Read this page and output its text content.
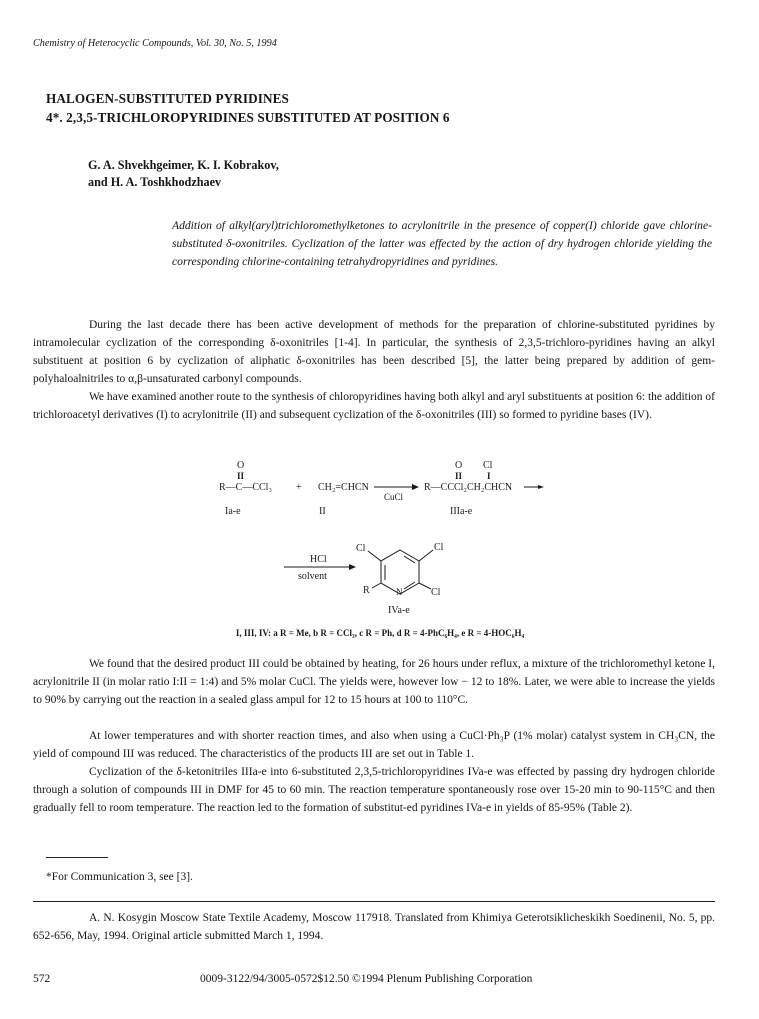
Chemistry of Heterocyclic Compounds, Vol. 30, No. 5, 1994
HALOGEN-SUBSTITUTED PYRIDINES
4*. 2,3,5-TRICHLOROPYRIDINES SUBSTITUTED AT POSITION 6
G. A. Shvekhgeimer, K. I. Kobrakov,
and H. A. Toshkhodzhaev
Addition of alkyl(aryl)trichloromethylketones to acrylonitrile in the presence of copper(I) chloride gave chlorine-substituted δ-oxonitriles. Cyclization of the latter was effected by the action of dry hydrogen chloride yielding the corresponding chlorine-containing tetrahydropyridines and pyridines.
During the last decade there has been active development of methods for the preparation of chlorine-substituted pyridines by intramolecular cyclization of the corresponding δ-oxonitriles [1-4]. In particular, the synthesis of 2,3,5-trichloro-pyridines having an alkyl substituent at position 6 by cyclization of aliphatic δ-oxonitriles has been described [5], the latter being prepared by addition of gem-polyhaloalnitriles to α,β-unsaturated carbonyl compounds.
We have examined another route to the synthesis of chloropyridines having both alkyl and aryl substituents at position 6: the addition of trichloroacetyl derivatives (I) to acrylonitrile (II) and subsequent cyclization of the δ-oxonitriles (III) so formed to pyridine bases (IV).
O
II
R—C—CCl₃ + CH₂=CHCN
CuCl
O Cl
II	I
R—CCCl₂CH₂CHCN
Ia-e	II	IIIa-e
HCl
solvent
Cl	Cl
Cl
R	N
IVa-e
I, III, IV: a R = Me, b R = CCl₃, c R = Ph, d R = 4-PhC₆H₄, e R = 4-HOC₆H₄
We found that the desired product III could be obtained by heating, for 26 hours under reflux, a mixture of the trichloromethyl ketone I, acrylonitrile II (in molar ratio I:II = 1:4) and 5% molar CuCl. The yields were, however low − 12 to 18%. Later, we were able to increase the yields to 90% by carrying out the reaction in a sealed glass ampul for 12 to 15 hours at 100 to 110°C.
At lower temperatures and with shorter reaction times, and also when using a CuCl·Ph₃P (1% molar) catalyst system in CH₃CN, the yield of compound III was reduced. The characteristics of the products III are set out in Table 1.
Cyclization of the δ-ketonitriles IIIa-e into 6-substituted 2,3,5-trichloropyridines IVa-e was effected by passing dry hydrogen chloride through a solution of compounds III in DMF for 45 to 60 min. The reaction temperature spontaneously rose over 15-20 min to 90-115°C and then gradually fell to room temperature. The reaction led to the formation of substitut-ed pyridines IVa-e in yields of 85-95% (Table 2).
*For Communication 3, see [3].
A. N. Kosygin Moscow State Textile Academy, Moscow 117918. Translated from Khimiya Geterotsiklicheskikh Soedinenii, No. 5, pp. 652-656, May, 1994. Original article submitted March 1, 1994.
572	0009-3122/94/3005-0572$12.50 ©1994 Plenum Publishing Corporation
